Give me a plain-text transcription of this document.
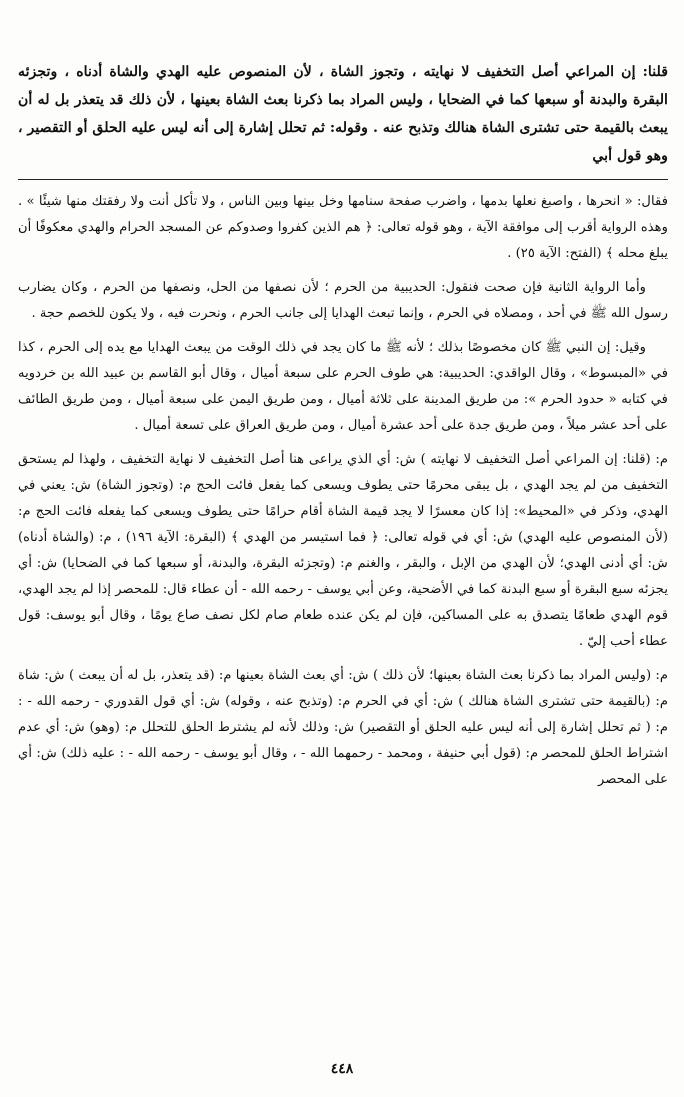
قلنا: إن المراعي أصل التخفيف لا نهايته ، وتجوز الشاة ، لأن المنصوص عليه الهدي والشاة أدناه ، وتجزئه البقرة والبدنة أو سبعها كما في الضحايا ، وليس المراد بما ذكرنا بعث الشاة بعينها ، لأن ذلك قد يتعذر بل له أن يبعث بالقيمة حتى تشترى الشاة هنالك وتذبح عنه . وقوله: ثم تحلل إشارة إلى أنه ليس عليه الحلق أو التقصير ، وهو قول أبي

فقال: « انحرها ، واصبغ نعلها بدمها ، واضرب صفحة سنامها وخل بينها وبين الناس ، ولا تأكل أنت ولا رفقتك منها شيئًا » . وهذه الرواية أقرب إلى موافقة الآية ، وهو قوله تعالى: ﴿ هم الذين كفروا وصدوكم عن المسجد الحرام والهدي معكوفًا أن يبلغ محله ﴾ (الفتح: الآية ٢٥) .

وأما الرواية الثانية فإن صحت فنقول: الحديبية من الحرم ؛ لأن نصفها من الحل، ونصفها من الحرم ، وكان يضارب رسول الله ﷺ في أحد ، ومصلاه في الحرم ، وإنما تبعث الهدايا إلى جانب الحرم ، ونحرت فيه ، ولا يكون للخصم حجة .

وقيل: إن النبي ﷺ كان مخصوصًا بذلك ؛ لأنه ﷺ ما كان يجد في ذلك الوقت من يبعث الهدايا مع يده إلى الحرم ، كذا في «المبسوط» ، وقال الواقدي: الحديبية: هي طوف الحرم على سبعة أميال ، وقال أبو القاسم بن عبيد الله بن خردويه في كتابه « حدود الحرم »: من طريق المدينة على ثلاثة أميال ، ومن طريق اليمن على سبعة أميال ، ومن طريق الطائف على أحد عشر ميلاً ، ومن طريق جدة على أحد عشرة أميال ، ومن طريق العراق على تسعة أميال .

م: (قلنا: إن المراعي أصل التخفيف لا نهايته ) ش: أي الذي يراعى هنا أصل التخفيف لا نهاية التخفيف ، ولهذا لم يستحق التخفيف من لم يجد الهدي ، بل يبقى محرمًا حتى يطوف ويسعى كما يفعل فائت الحج م: (وتجوز الشاة) ش: يعني في الهدي، وذكر في «المحيط»: إذا كان معسرًا لا يجد قيمة الشاة أقام حرامًا حتى يطوف ويسعى كما يفعله فائت الحج م: (لأن المنصوص عليه الهدي) ش: أي في قوله تعالى: ﴿ فما استيسر من الهدي ﴾ (البقرة: الآية ١٩٦) ، م: (والشاة أدناه) ش: أي أدنى الهدي؛ لأن الهدي من الإبل ، والبقر ، والغنم م: (وتجزئه البقرة، والبدنة، أو سبعها كما في الضحايا) ش: أي يجزئه سبع البقرة أو سبع البدنة كما في الأضحية، وعن أبي يوسف - رحمه الله - أن عطاء قال: للمحصر إذا لم يجد الهدي، قوم الهدي طعامًا يتصدق به على المساكين، فإن لم يكن عنده طعام صام لكل نصف صاع يومًا ، وقال أبو يوسف: قول عطاء أحب إليّ .

م: (وليس المراد بما ذكرنا بعث الشاة بعينها؛ لأن ذلك ) ش: أي بعث الشاة بعينها م: (قد يتعذر، بل له أن يبعث ) ش: شاة م: (بالقيمة حتى تشترى الشاة هنالك ) ش: أي في الحرم م: (وتذبح عنه ، وقوله) ش: أي قول القدوري - رحمه الله - : م: ( ثم تحلل إشارة إلى أنه ليس عليه الحلق أو التقصير) ش: وذلك لأنه لم يشترط الحلق للتحلل م: (وهو) ش: أي عدم اشتراط الحلق للمحصر م: (قول أبي حنيفة ، ومحمد - رحمهما الله - ، وقال أبو يوسف - رحمه الله - : عليه ذلك) ش: أي على المحصر

٤٤٨
